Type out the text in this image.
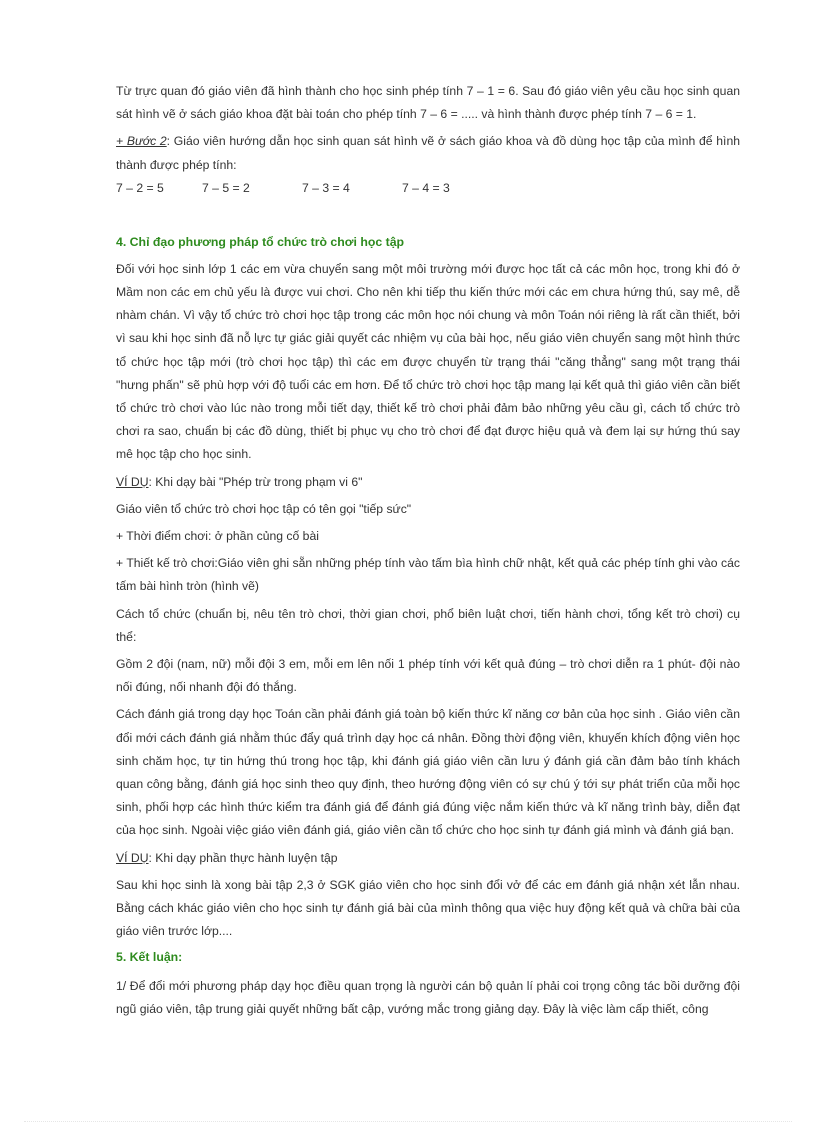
Từ trực quan đó giáo viên đã hình thành cho học sinh phép tính 7 – 1 = 6. Sau đó giáo viên yêu cầu học sinh quan sát hình vẽ ở sách giáo khoa đặt bài toán cho phép tính 7 – 6 = ..... và hình thành được phép tính 7 – 6 = 1.

+ Bước 2: Giáo viên hướng dẫn học sinh quan sát hình vẽ ở sách giáo khoa và đồ dùng học tập của mình để hình thành được phép tính:

7 – 2 = 5	7 – 5 = 2	7 – 3 = 4	7 – 4 = 3
4. Chỉ đạo phương pháp tổ chức trò chơi học tập

Đối với học sinh lớp 1 các em vừa chuyển sang một môi trường mới được học tất cả các môn học, trong khi đó ở Mầm non các em chủ yếu là được vui chơi. Cho nên khi tiếp thu kiến thức mới các em chưa hứng thú, say mê, dễ nhàm chán. Vì vậy tổ chức trò chơi học tập trong các môn học nói chung và môn Toán nói riêng là rất cần thiết, bởi vì sau khi học sinh đã nỗ lực tự giác giải quyết các nhiệm vụ của bài học, nếu giáo viên chuyển sang một hình thức tổ chức học tập mới (trò chơi học tập) thì các em được chuyển từ trạng thái "căng thẳng" sang một trạng thái "hưng phấn" sẽ phù hợp với độ tuổi các em hơn. Để tổ chức trò chơi học tập mang lại kết quả thì giáo viên cần biết tổ chức trò chơi vào lúc nào trong mỗi tiết dạy, thiết kế trò chơi phải đảm bảo những yêu cầu gì, cách tổ chức trò chơi ra sao, chuẩn bị các đồ dùng, thiết bị phục vụ cho trò chơi để đạt được hiệu quả và đem lại sự hứng thú say mê học tập cho học sinh.

VÍ DỤ: Khi dạy bài "Phép trừ trong phạm vi 6"

Giáo viên tổ chức trò chơi học tập có tên gọi "tiếp sức"

+ Thời điểm chơi: ở phần củng cố bài

+ Thiết kế trò chơi:Giáo viên ghi sẵn những phép tính vào tấm bìa hình chữ nhật, kết quả các phép tính ghi vào các tấm bài hình tròn (hình vẽ)

Cách tổ chức (chuẩn bị, nêu tên trò chơi, thời gian chơi, phổ biên luật chơi, tiến hành chơi, tổng kết trò chơi) cụ thể:

Gồm 2 đội (nam, nữ) mỗi đội 3 em, mỗi em lên nối 1 phép tính với kết quả đúng – trò chơi diễn ra 1 phút- đội nào nối đúng, nối nhanh đội đó thắng.

Cách đánh giá trong dạy học Toán cần phải đánh giá toàn bộ kiến thức kĩ năng cơ bản của học sinh . Giáo viên cần đổi mới cách đánh giá nhằm thúc đẩy quá trình dạy học cá nhân. Đồng thời động viên, khuyến khích động viên học sinh chăm học, tự tin hứng thú trong học tập, khi đánh giá giáo viên cần lưu ý đánh giá cần đảm bảo tính khách quan công bằng, đánh giá học sinh theo quy định, theo hướng động viên có sự chú ý tới sự phát triển của mỗi học sinh, phối hợp các hình thức kiểm tra đánh giá để đánh giá đúng việc nắm kiến thức và kĩ năng trình bày, diễn đạt của học sinh. Ngoài việc giáo viên đánh giá, giáo viên cần tổ chức cho học sinh tự đánh giá mình và đánh giá bạn.

VÍ DỤ: Khi dạy phần thực hành luyện tập

Sau khi học sinh là xong bài tập 2,3 ở SGK giáo viên cho học sinh đổi vở để các em đánh giá nhận xét lẫn nhau. Bằng cách khác giáo viên cho học sinh tự đánh giá bài của mình thông qua việc huy động kết quả và chữa bài của giáo viên trước lớp....

5. Kết luận:

1/ Để đổi mới phương pháp dạy học điều quan trọng là người cán bộ quản lí phải coi trọng công tác bồi dưỡng đội ngũ giáo viên, tập trung giải quyết những bất cập, vướng mắc trong giảng dạy. Đây là việc làm cấp thiết, công
